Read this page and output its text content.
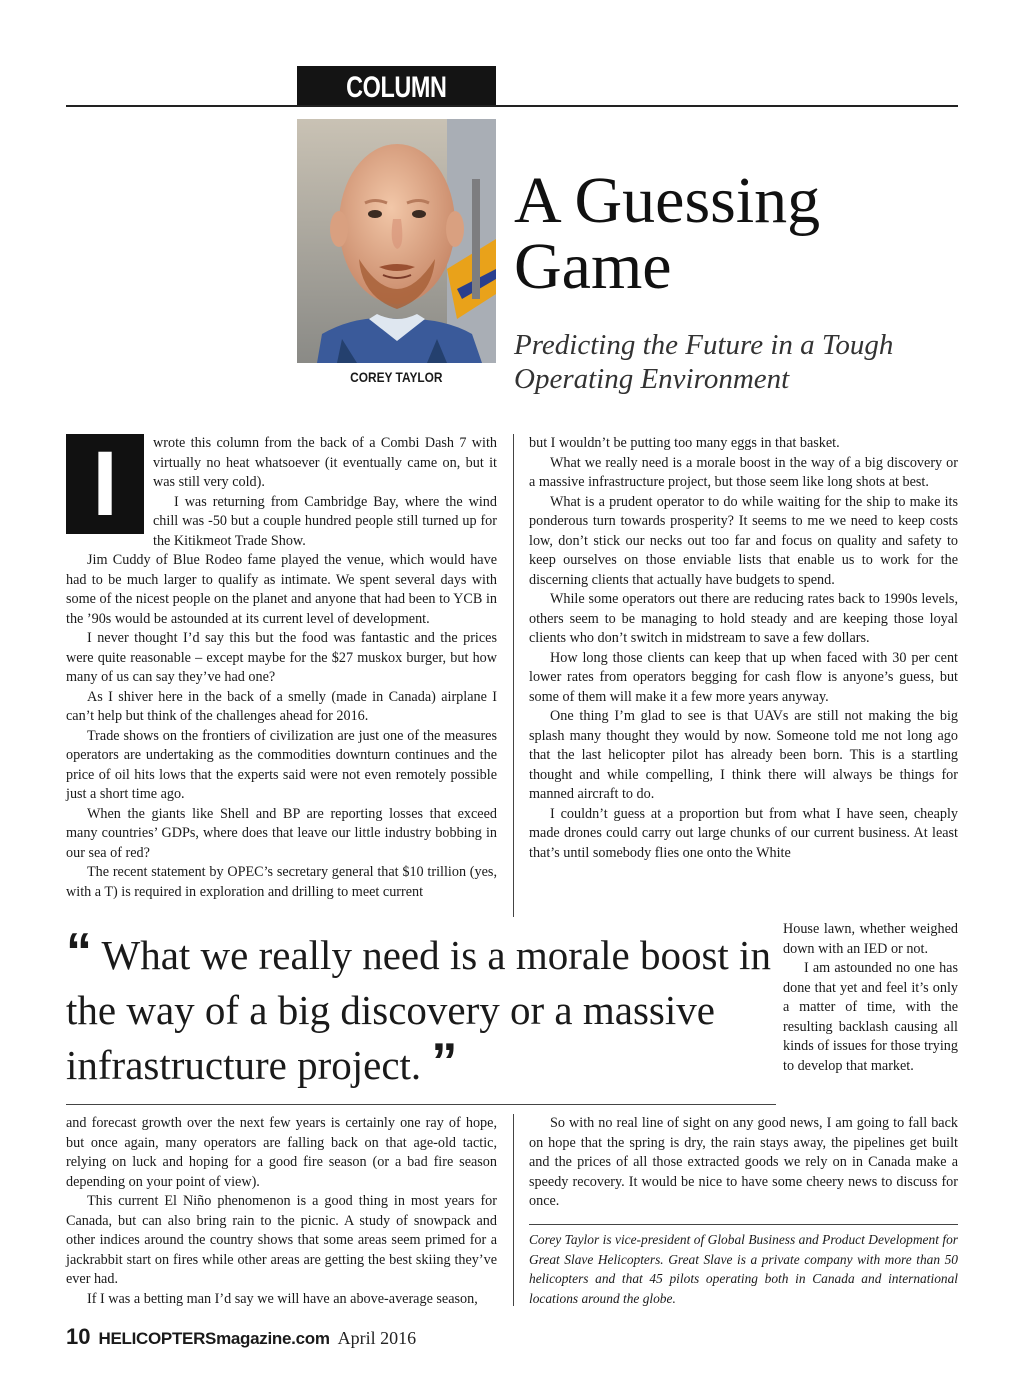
COLUMN
COREY TAYLOR
A Guessing Game
Predicting the Future in a Tough Operating Environment
I	wrote this column from the back of a Combi Dash 7 with virtually no heat whatsoever (it eventually came on, but it was still very cold).

I was returning from Cambridge Bay, where the wind chill was -50 but a couple hundred people still turned up for the Kitikmeot Trade Show.

Jim Cuddy of Blue Rodeo fame played the venue, which would have had to be much larger to qualify as intimate. We spent several days with some of the nicest people on the planet and anyone that had been to YCB in the ’90s would be astounded at its current level of development.

I never thought I’d say this but the food was fantastic and the prices were quite reasonable – except maybe for the $27 muskox burger, but how many of us can say they’ve had one?

As I shiver here in the back of a smelly (made in Canada) airplane I can’t help but think of the challenges ahead for 2016.

Trade shows on the frontiers of civilization are just one of the measures operators are undertaking as the commodities downturn continues and the price of oil hits lows that the experts said were not even remotely possible just a short time ago.

When the giants like Shell and BP are reporting losses that exceed many countries’ GDPs, where does that leave our little industry bobbing in our sea of red?

The recent statement by OPEC’s secretary general that $10 trillion (yes, with a T) is required in exploration and drilling to meet current

but I wouldn’t be putting too many eggs in that basket.

What we really need is a morale boost in the way of a big discovery or a massive infrastructure project, but those seem like long shots at best.

What is a prudent operator to do while waiting for the ship to make its ponderous turn towards prosperity? It seems to me we need to keep costs low, don’t stick our necks out too far and focus on quality and safety to keep ourselves on those enviable lists that enable us to work for the discerning clients that actually have budgets to spend.

While some operators out there are reducing rates back to 1990s levels, others seem to be managing to hold steady and are keeping those loyal clients who don’t switch in midstream to save a few dollars.

How long those clients can keep that up when faced with 30 per cent lower rates from operators begging for cash flow is anyone’s guess, but some of them will make it a few more years anyway.

One thing I’m glad to see is that UAVs are still not making the big splash many thought they would by now. Someone told me not long ago that the last helicopter pilot has already been born. This is a startling thought and while compelling, I think there will always be things for manned aircraft to do.

I couldn’t guess at a proportion but from what I have seen, cheaply made drones could carry out large chunks of our current business. At least that’s until somebody flies one onto the White

House lawn, whether weighed down with an IED or not.

I am astounded no one has done that yet and feel it’s only a matter of time, with the resulting backlash causing all kinds of issues for those trying to develop that market.

“ What we really need is a morale boost in the way of a big discovery or a massive infrastructure project. ”

and forecast growth over the next few years is certainly one ray of hope, but once again, many operators are falling back on that age-old tactic, relying on luck and hoping for a good fire season (or a bad fire season depending on your point of view).

This current El Niño phenomenon is a good thing in most years for Canada, but can also bring rain to the picnic. A study of snowpack and other indices around the country shows that some areas seem primed for a jackrabbit start on fires while other areas are getting the best skiing they’ve ever had.

If I was a betting man I’d say we will have an above-average season,

So with no real line of sight on any good news, I am going to fall back on hope that the spring is dry, the rain stays away, the pipelines get built and the prices of all those extracted goods we rely on in Canada make a speedy recovery. It would be nice to have some cheery news to discuss for once.

Corey Taylor is vice-president of Global Business and Product Development for Great Slave Helicopters. Great Slave is a private company with more than 50 helicopters and that 45 pilots operating both in Canada and international locations around the globe.
10 HELICOPTERSmagazine.com April 2016
